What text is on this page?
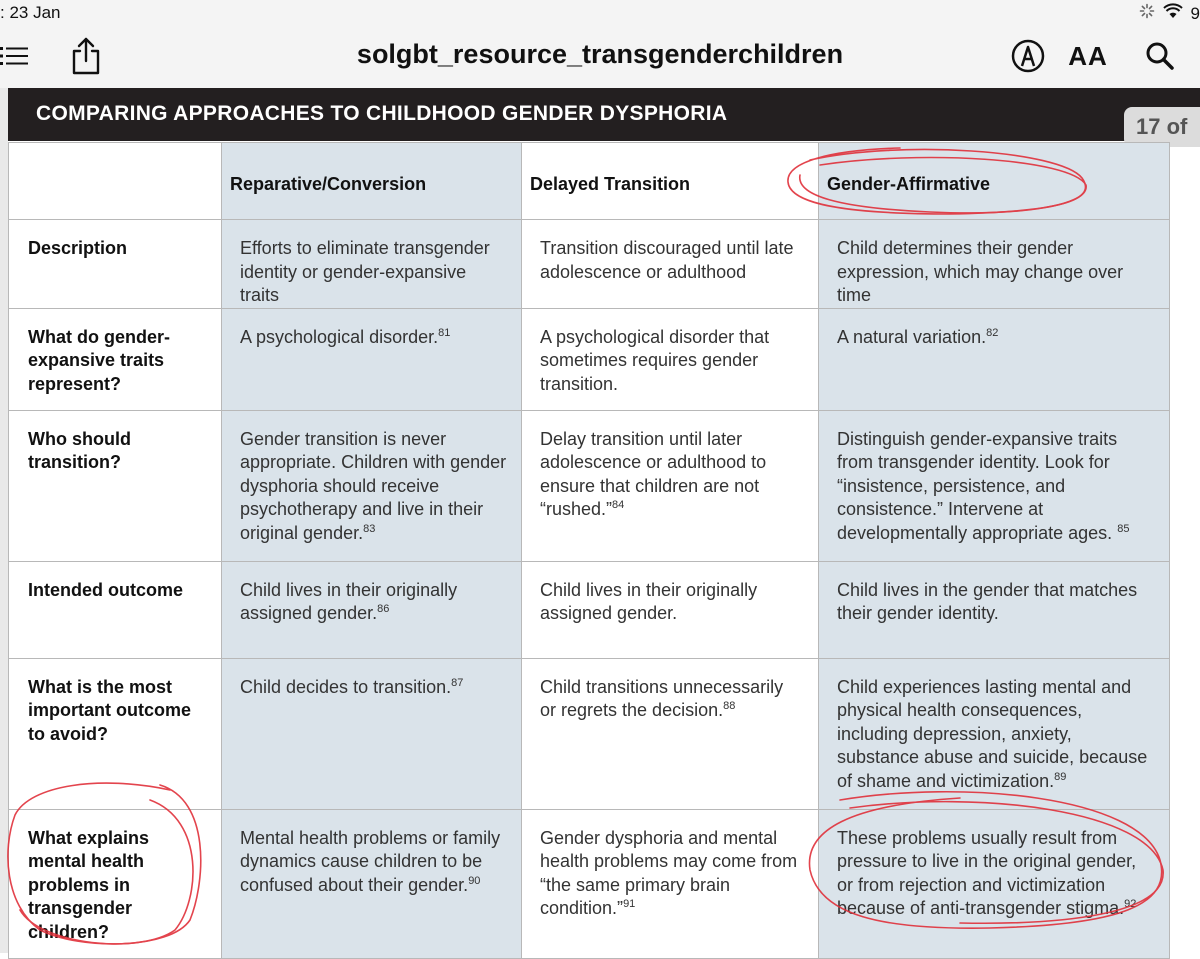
: 23 Jan	9
solgbt_resource_transgenderchildren	AA
COMPARING APPROACHES TO CHILDHOOD GENDER DYSPHORIA
17 of
	Reparative/Conversion	Delayed Transition	Gender-Affirmative
Description	Efforts to eliminate transgender identity or gender-expansive traits	Transition discouraged until late adolescence or adulthood	Child determines their gender expression, which may change over time
What do gender-expansive traits represent?	A psychological disorder.$^{81}$	A psychological disorder that sometimes requires gender transition.	A natural variation.$^{82}$
Who should transition?	Gender transition is never appropriate. Children with gender dysphoria should receive psychotherapy and live in their original gender.$^{83}$	Delay transition until later adolescence or adulthood to ensure that children are not “rushed.”$^{84}$	Distinguish gender-expansive traits from transgender identity. Look for “insistence, persistence, and consistence.” Intervene at developmentally appropriate ages. $^{85}$
Intended outcome	Child lives in their originally assigned gender.$^{86}$	Child lives in their originally assigned gender.	Child lives in the gender that matches their gender identity.
What is the most important outcome to avoid?	Child decides to transition.$^{87}$	Child transitions unnecessarily or regrets the decision.$^{88}$	Child experiences lasting mental and physical health consequences, including depression, anxiety, substance abuse and suicide, because of shame and victimization.$^{89}$
What explains mental health problems in transgender children?	Mental health problems or family dynamics cause children to be confused about their gender.$^{90}$	Gender dysphoria and mental health problems may come from “the same primary brain condition.”$^{91}$	These problems usually result from pressure to live in the original gender, or from rejection and victimization because of anti-transgender stigma.$^{92}$
